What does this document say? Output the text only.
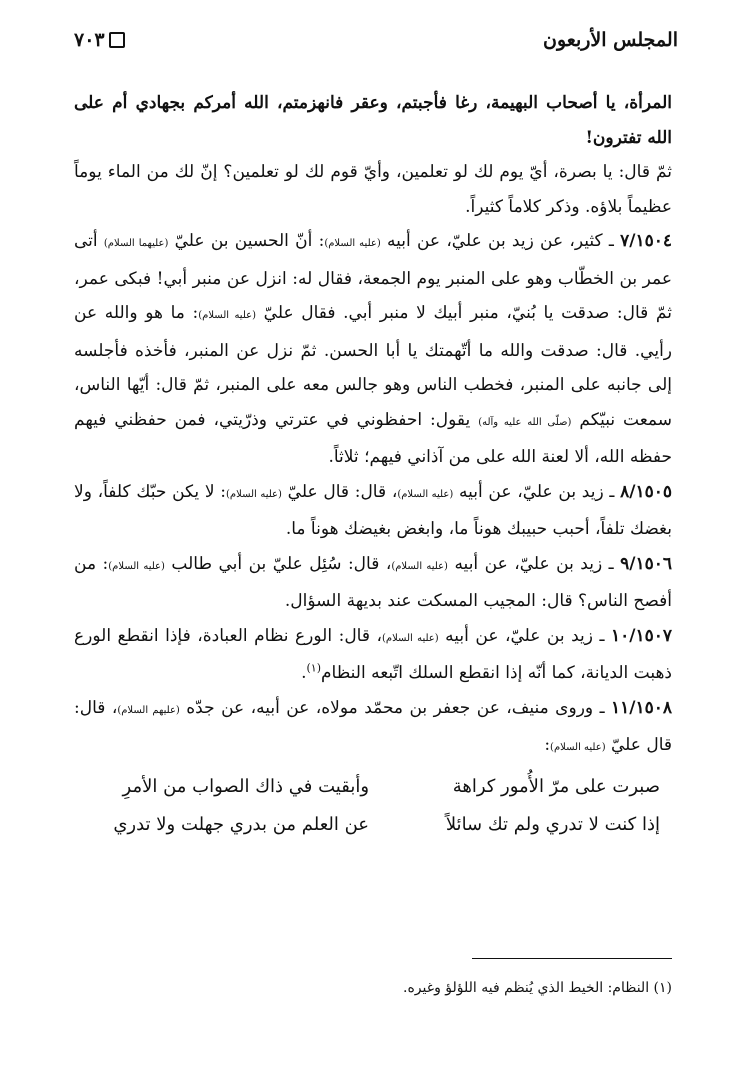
المجلس الأربعون
٧٠٣

المرأة، يا أصحاب البهيمة، رغا فأجبتم، وعقر فانهزمتم، الله أمركم بجهادي أم على الله تفترون!

ثمّ قال: يا بصرة، أيّ يوم لك لو تعلمين، وأيّ قوم لك لو تعلمين؟ إنّ لك من الماء يوماً عظيماً بلاؤه. وذكر كلاماً كثيراً.

٧/١٥٠٤ ـ كثير، عن زيد بن عليّ، عن أبيه (عليه السلام): أنّ الحسين بن عليّ (عليهما السلام) أتى عمر بن الخطّاب وهو على المنبر يوم الجمعة، فقال له: انزل عن منبر أبي! فبكى عمر، ثمّ قال: صدقت يا بُنيّ، منبر أبيك لا منبر أبي. فقال عليّ (عليه السلام): ما هو والله عن رأيي. قال: صدقت والله ما أتّهمتك يا أبا الحسن. ثمّ نزل عن المنبر، فأخذه فأجلسه إلى جانبه على المنبر، فخطب الناس وهو جالس معه على المنبر، ثمّ قال: أيّها الناس، سمعت نبيّكم (صلّى الله عليه وآله) يقول: احفظوني في عترتي وذرّيتي، فمن حفظني فيهم حفظه الله، ألا لعنة الله على من آذاني فيهم؛ ثلاثاً.

٨/١٥٠٥ ـ زيد بن عليّ، عن أبيه (عليه السلام)، قال: قال عليّ (عليه السلام): لا يكن حبّك كلفاً، ولا بغضك تلفاً، أحبب حبيبك هوناً ما، وابغض بغيضك هوناً ما.

٩/١٥٠٦ ـ زيد بن عليّ، عن أبيه (عليه السلام)، قال: سُئِل عليّ بن أبي طالب (عليه السلام): من أفصح الناس؟ قال: المجيب المسكت عند بديهة السؤال.

١٠/١٥٠٧ ـ زيد بن عليّ، عن أبيه (عليه السلام)، قال: الورع نظام العبادة، فإذا انقطع الورع ذهبت الديانة، كما أنّه إذا انقطع السلك اتّبعه النظام$^{(١)}$.

١١/١٥٠٨ ـ وروى منيف، عن جعفر بن محمّد مولاه، عن أبيه، عن جدّه (عليهم السلام)، قال: قال عليّ (عليه السلام):

صبرت على مرّ الأُمور كراهة
وأبقيت في ذاك الصواب من الأمرِ
إذا كنت لا تدري ولم تك سائلاً
عن العلم من بدري جهلت ولا تدري
(١) النظام: الخيط الذي يُنظم فيه اللؤلؤ وغيره.
